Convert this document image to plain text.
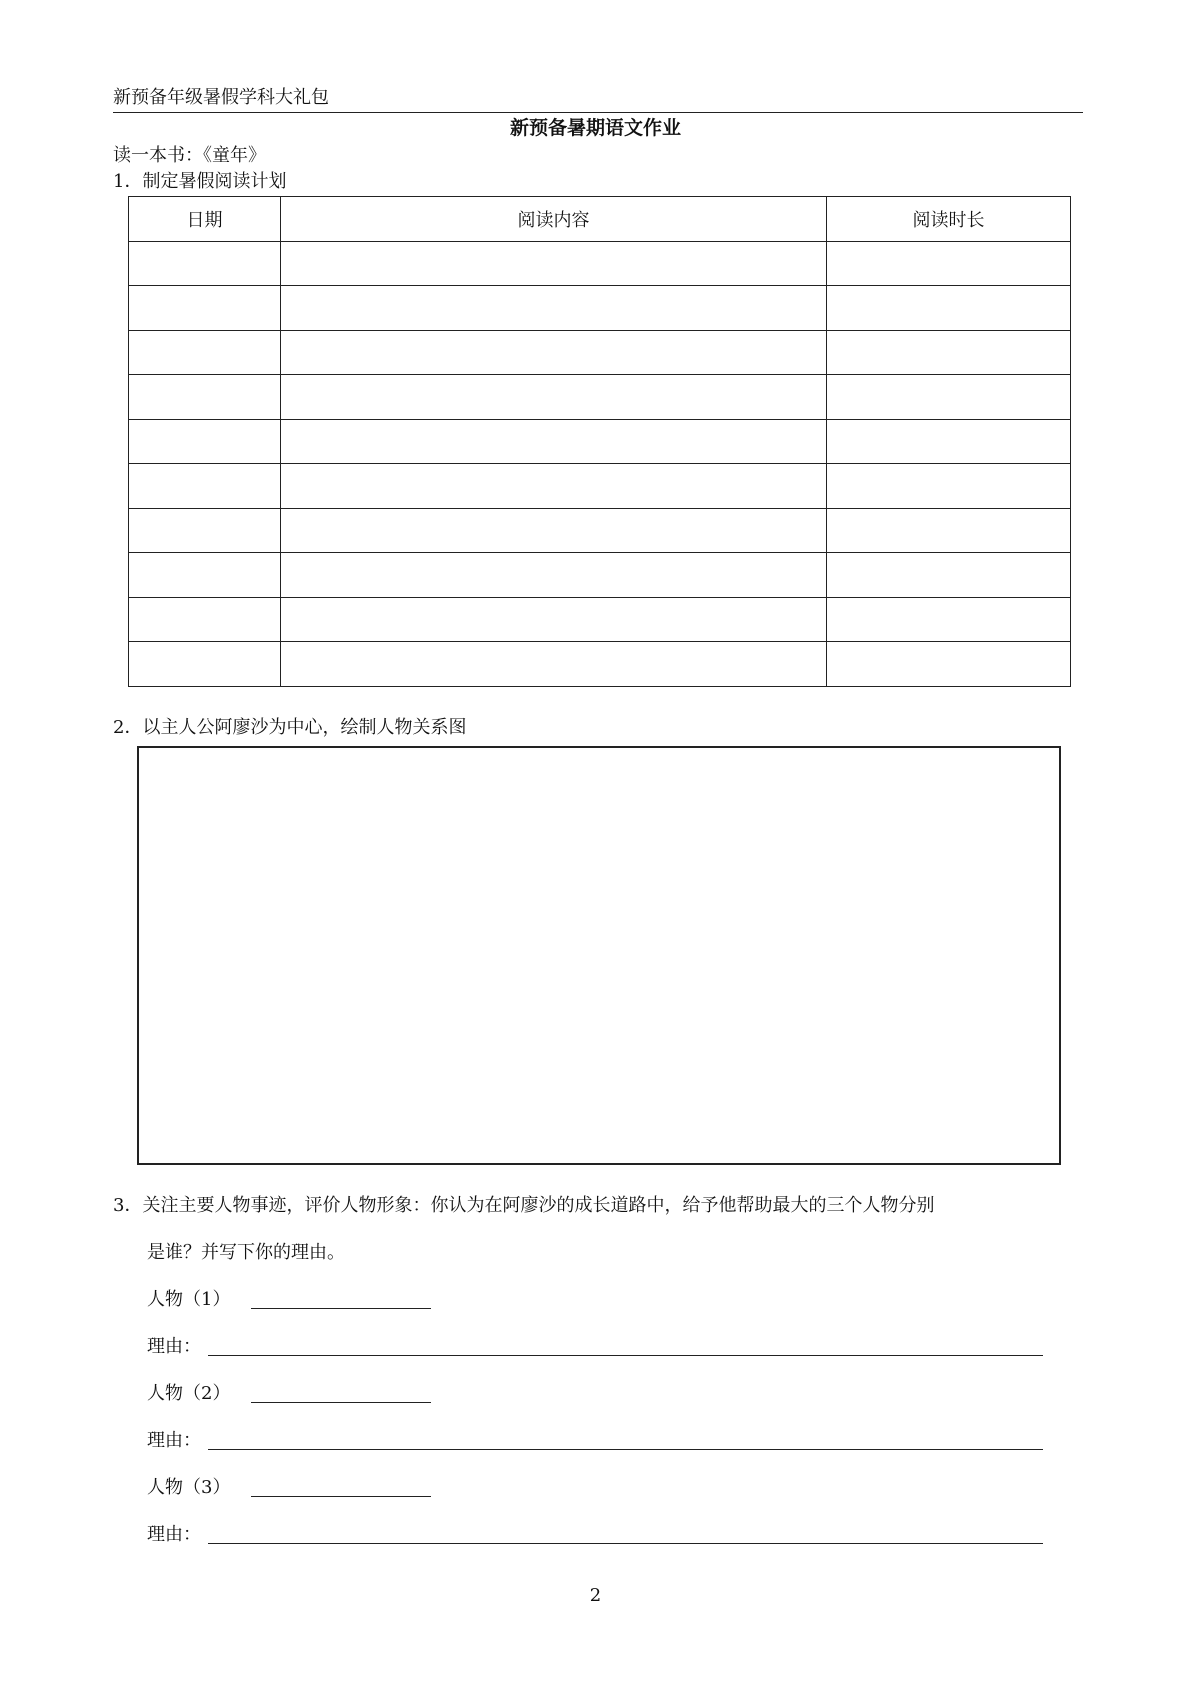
新预备年级暑假学科大礼包
新预备暑期语文作业
读一本书：《童年》
1．制定暑假阅读计划
日期	阅读内容	阅读时长

2．以主人公阿廖沙为中心，绘制人物关系图
3．关注主要人物事迹，评价人物形象：你认为在阿廖沙的成长道路中，给予他帮助最大的三个人物分别
是谁？并写下你的理由。
人物（1）
理由：
人物（2）
理由：
人物（3）
理由：
2
